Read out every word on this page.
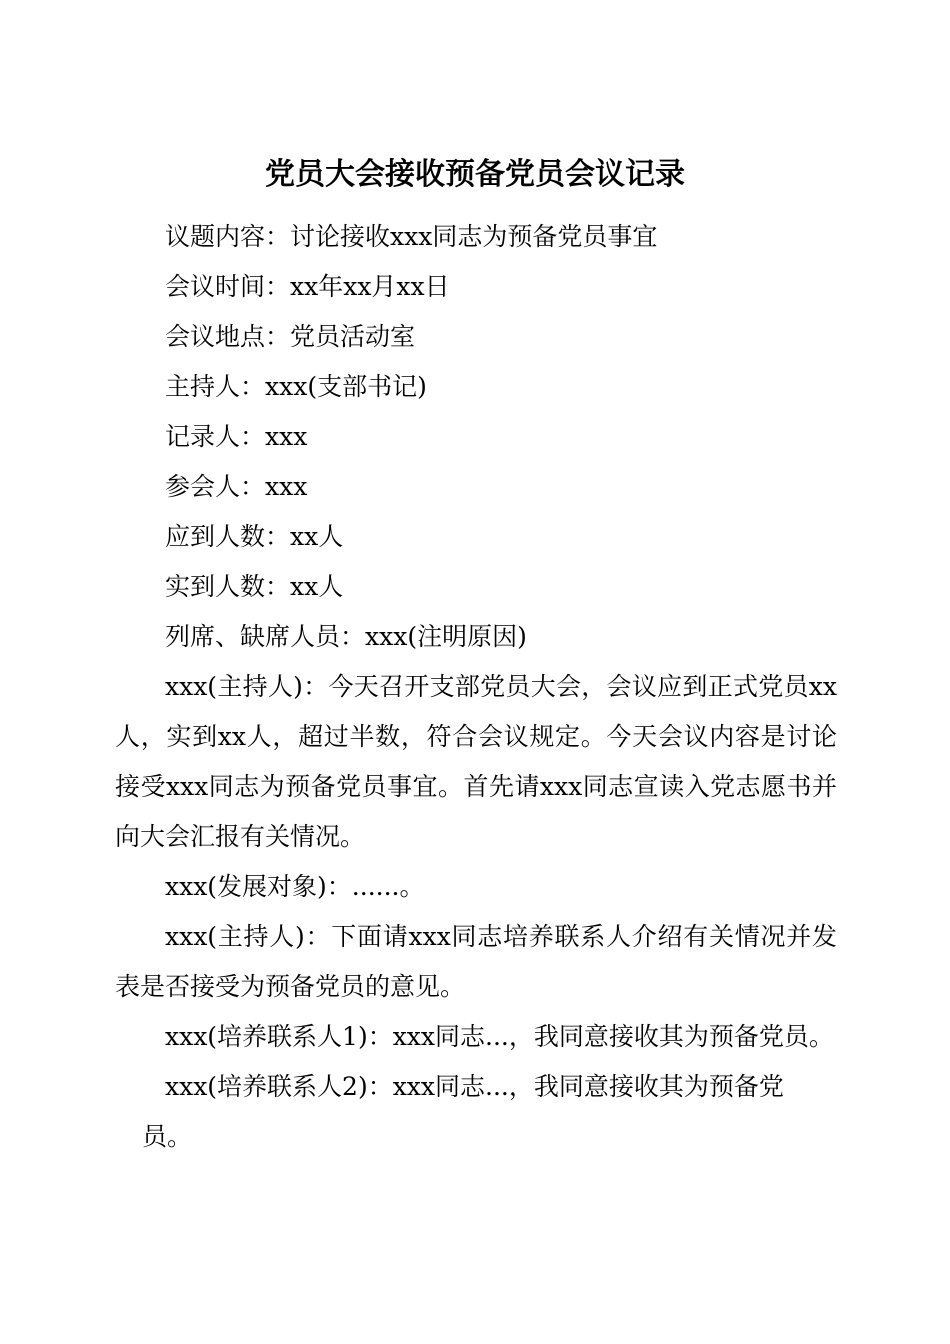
党员大会接收预备党员会议记录

议题内容：讨论接收xxx同志为预备党员事宜

会议时间：xx年xx月xx日

会议地点：党员活动室

主持人：xxx(支部书记)

记录人：xxx

参会人：xxx

应到人数：xx人

实到人数：xx人

列席、缺席人员：xxx(注明原因)

xxx(主持人)：今天召开支部党员大会，会议应到正式党员xx人，实到xx人，超过半数，符合会议规定。今天会议内容是讨论接受xxx同志为预备党员事宜。首先请xxx同志宣读入党志愿书并向大会汇报有关情况。

xxx(发展对象)：......。

xxx(主持人)：下面请xxx同志培养联系人介绍有关情况并发表是否接受为预备党员的意见。

xxx(培养联系人1)：xxx同志...，我同意接收其为预备党员。

xxx(培养联系人2)：xxx同志...，我同意接收其为预备党
员。
